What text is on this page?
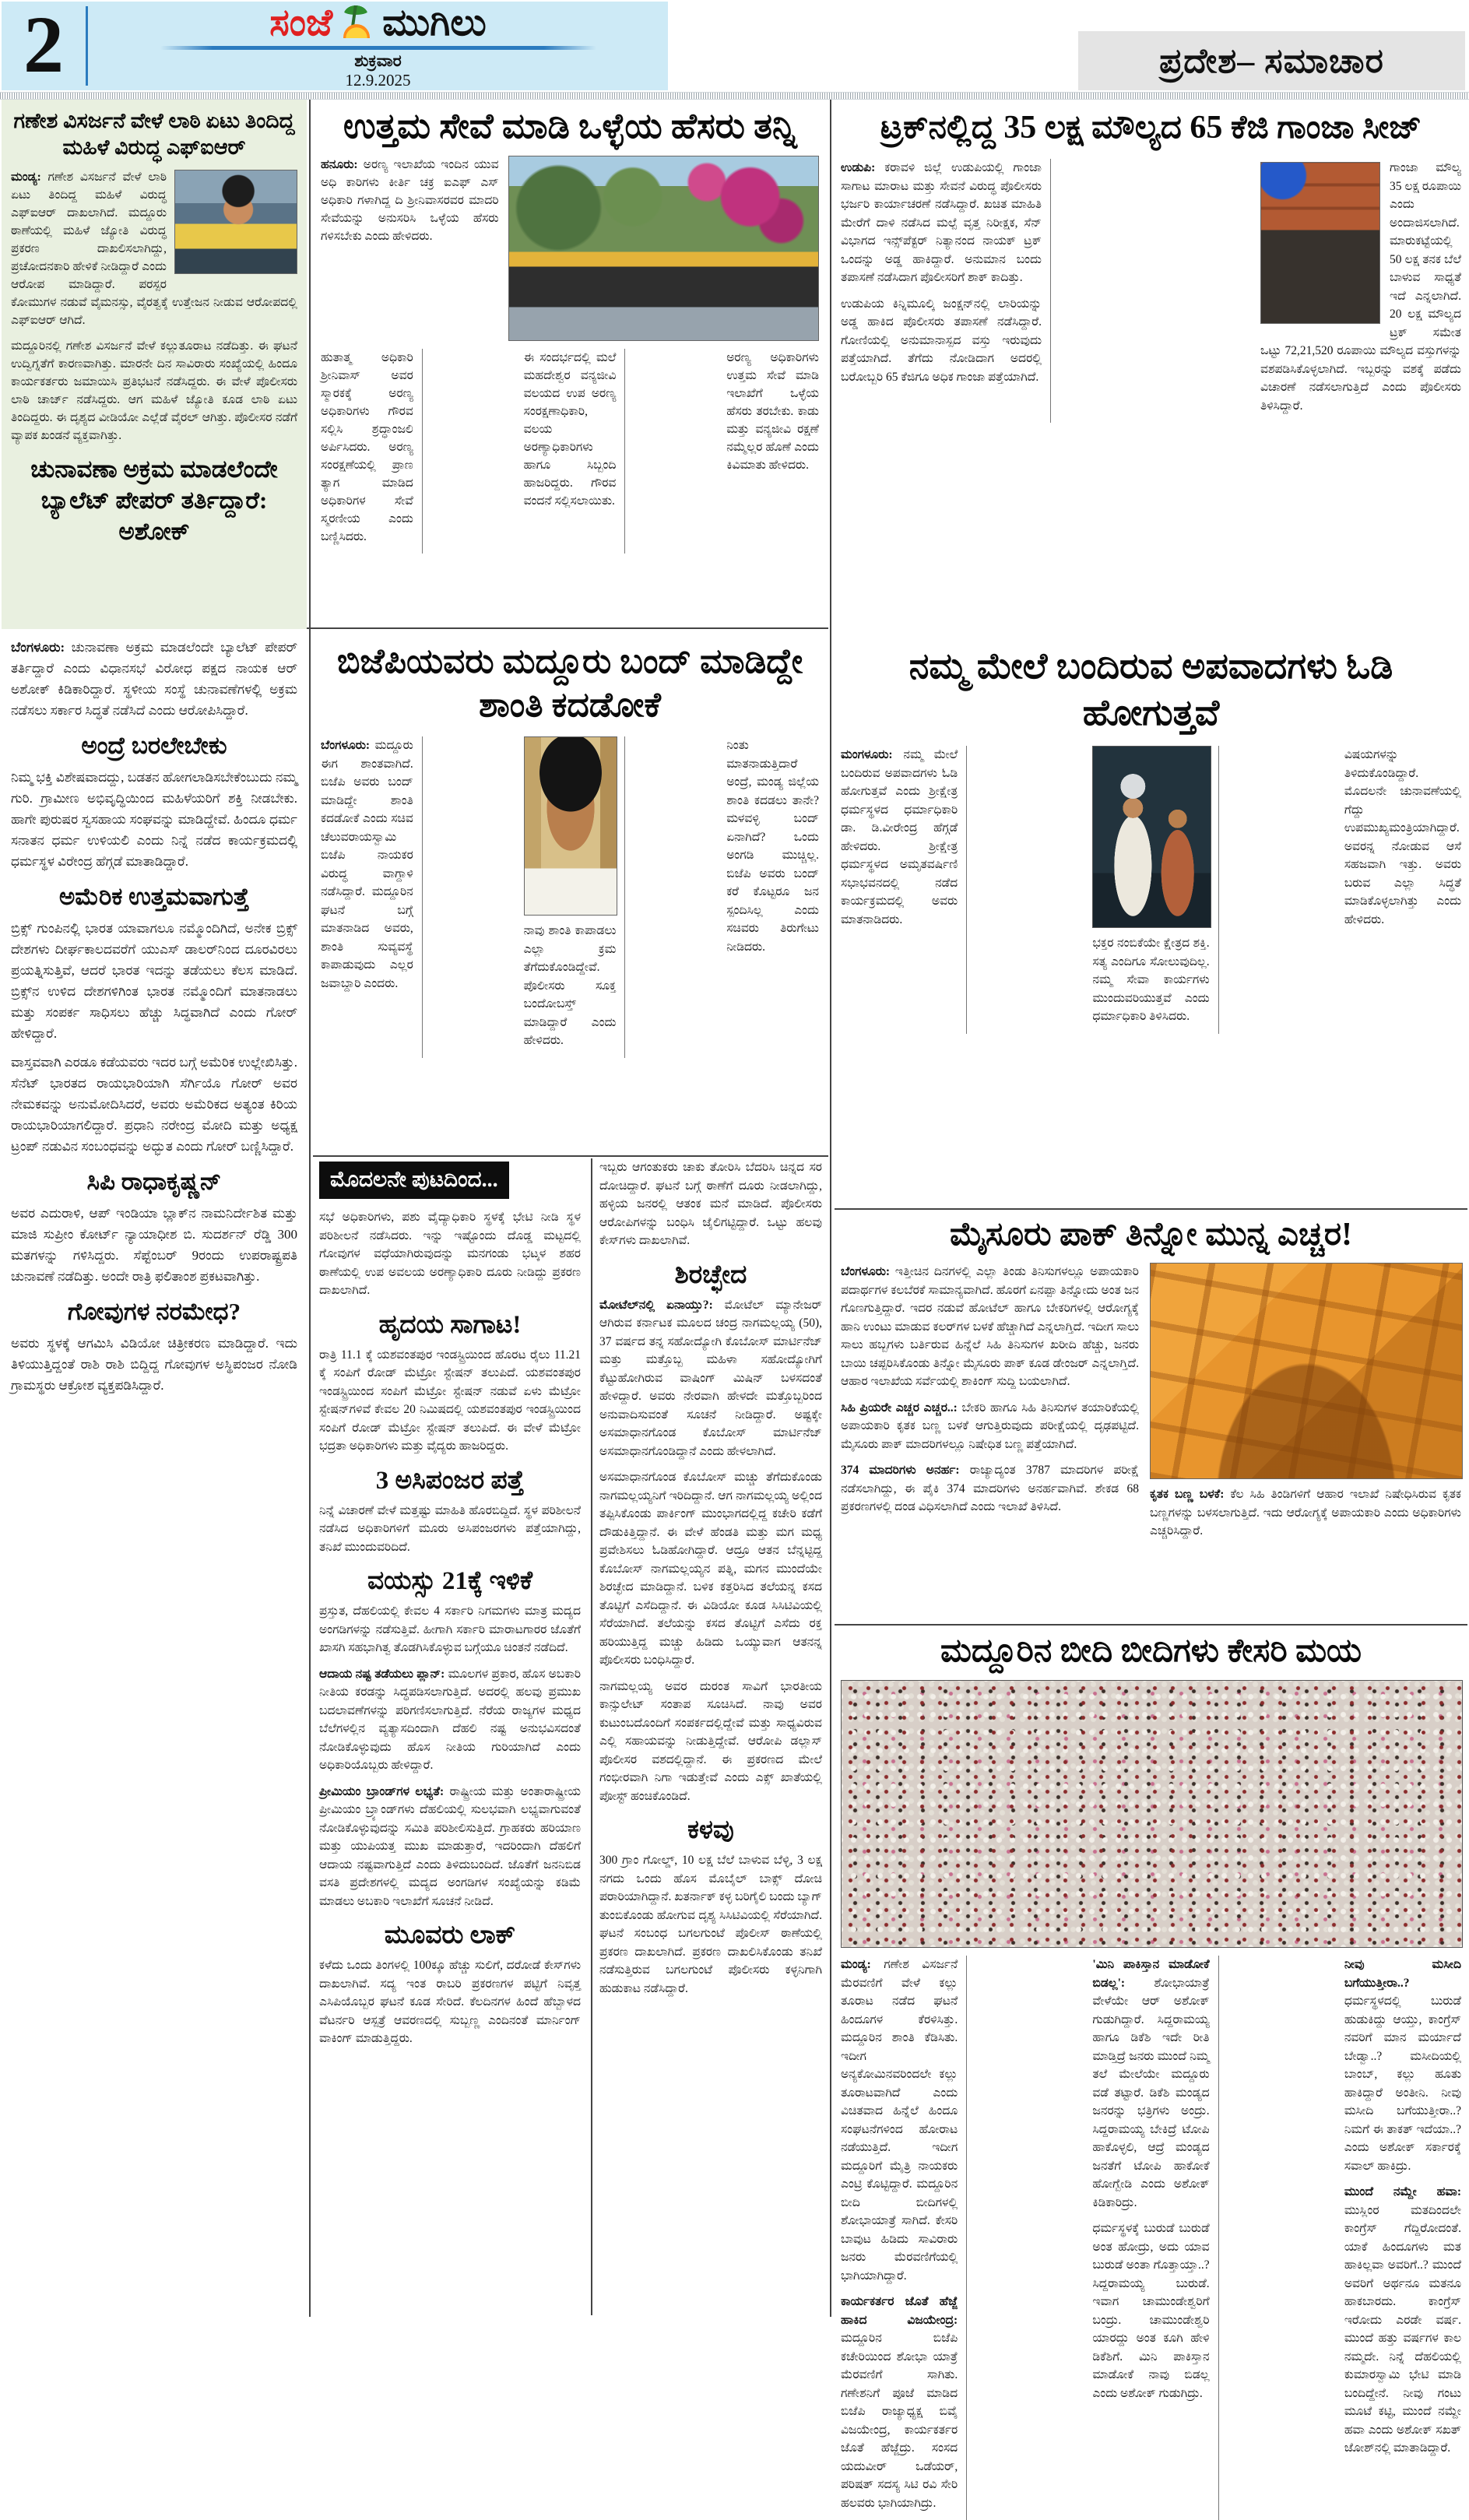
2	ಸಂಜೆ ಮುಗಿಲು
ಶುಕ್ರವಾರ
12.9.2025
ಪ್ರದೇಶ– ಸಮಾಚಾರ
ಗಣೇಶ ವಿಸರ್ಜನೆ ವೇಳೆ ಲಾಠಿ ಏಟು ತಿಂದಿದ್ದ ಮಹಿಳೆ ವಿರುದ್ಧ ಎಫ್‌ಐಆರ್

ಮಂಡ್ಯ: ಗಣೇಶ ವಿಸರ್ಜನೆ ವೇಳೆ ಲಾಠಿ ಏಟು ತಿಂದಿದ್ದ ಮಹಿಳೆ ವಿರುದ್ಧ ಎಫ್‌ಐಆರ್ ದಾಖಲಾಗಿದೆ. ಮದ್ದೂರು ಠಾಣೆಯಲ್ಲಿ ಮಹಿಳೆ ಜ್ಯೋತಿ ವಿರುದ್ಧ ಪ್ರಕರಣ ದಾಖಲಿಸಲಾಗಿದ್ದು, ಪ್ರಚೋದನಕಾರಿ ಹೇಳಿಕೆ ನೀಡಿದ್ದಾರೆ ಎಂದು ಆರೋಪ ಮಾಡಿದ್ದಾರೆ. ಪರಸ್ಪರ ಕೋಮುಗಳ ನಡುವೆ ವೈಮನಸ್ಸು, ವೈರತ್ವಕ್ಕೆ ಉತ್ತೇಜನ ನೀಡುವ ಆರೋಪದಲ್ಲಿ ಎಫ್‌ಐಆರ್ ಆಗಿದೆ.

ಮದ್ದೂರಿನಲ್ಲಿ ಗಣೇಶ ವಿಸರ್ಜನೆ ವೇಳೆ ಕಲ್ಲುತೂರಾಟ ನಡೆದಿತ್ತು. ಈ ಘಟನೆ ಉದ್ವಿಗ್ನತೆಗೆ ಕಾರಣವಾಗಿತ್ತು. ಮಾರನೇ ದಿನ ಸಾವಿರಾರು ಸಂಖ್ಯೆಯಲ್ಲಿ ಹಿಂದೂ ಕಾರ್ಯಕರ್ತರು ಜಮಾಯಿಸಿ ಪ್ರತಿಭಟನೆ ನಡೆಸಿದ್ದರು. ಈ ವೇಳೆ ಪೊಲೀಸರು ಲಾಠಿ ಚಾರ್ಜ್ ನಡೆಸಿದ್ದರು. ಆಗ ಮಹಿಳೆ ಜ್ಯೋತಿ ಕೂಡ ಲಾಠಿ ಏಟು ತಿಂದಿದ್ದರು. ಈ ದೃಶ್ಯದ ವೀಡಿಯೋ ಎಲ್ಲೆಡೆ ವೈರಲ್ ಆಗಿತ್ತು. ಪೊಲೀಸರ ನಡೆಗೆ ವ್ಯಾಪಕ ಖಂಡನೆ ವ್ಯಕ್ತವಾಗಿತ್ತು.

ಚುನಾವಣಾ ಅಕ್ರಮ ಮಾಡಲೆಂದೇ ಬ್ಯಾಲೆಟ್ ಪೇಪರ್ ತರ್ತಿದ್ದಾರೆ: ಅಶೋಕ್

ಬೆಂಗಳೂರು: ಚುನಾವಣಾ ಅಕ್ರಮ ಮಾಡಲೆಂದೇ ಬ್ಯಾಲೆಟ್ ಪೇಪರ್ ತರ್ತಿದ್ದಾರೆ ಎಂದು ವಿಧಾನಸಭೆ ವಿರೋಧ ಪಕ್ಷದ ನಾಯಕ ಆರ್ ಅಶೋಕ್ ಕಿಡಿಕಾರಿದ್ದಾರೆ. ಸ್ಥಳೀಯ ಸಂಸ್ಥೆ ಚುನಾವಣೆಗಳಲ್ಲಿ ಅಕ್ರಮ ನಡೆಸಲು ಸರ್ಕಾರ ಸಿದ್ಧತೆ ನಡೆಸಿದೆ ಎಂದು ಆರೋಪಿಸಿದ್ದಾರೆ.

ಅಂದ್ರೆ ಬರಲೇಬೇಕು

ನಿಮ್ಮ ಭಕ್ತಿ ವಿಶೇಷವಾದದ್ದು, ಬಡತನ ಹೋಗಲಾಡಿಸಬೇಕೆಂಬುದು ನಮ್ಮ ಗುರಿ. ಗ್ರಾಮೀಣ ಅಭಿವೃದ್ಧಿಯಿಂದ ಮಹಿಳೆಯರಿಗೆ ಶಕ್ತಿ ನೀಡಬೇಕು. ಹಾಗೇ ಪುರುಷರ ಸ್ವಸಹಾಯ ಸಂಘವನ್ನು ಮಾಡಿದ್ದೇವೆ. ಹಿಂದೂ ಧರ್ಮ ಸನಾತನ ಧರ್ಮ ಉಳಿಯಲಿ ಎಂದು ನಿನ್ನೆ ನಡೆದ ಕಾರ್ಯಕ್ರಮದಲ್ಲಿ ಧರ್ಮಸ್ಥಳ ವಿರೇಂದ್ರ ಹೆಗ್ಗಡೆ ಮಾತಾಡಿದ್ದಾರೆ.

ಅಮೆರಿಕ ಉತ್ತಮವಾಗುತ್ತೆ

ಬ್ರಿಕ್ಸ್ ಗುಂಪಿನಲ್ಲಿ ಭಾರತ ಯಾವಾಗಲೂ ನಮ್ಮೊಂದಿಗಿದೆ, ಅನೇಕ ಬ್ರಿಕ್ಸ್ ದೇಶಗಳು ದೀರ್ಘಕಾಲದವರೆಗೆ ಯುಎಸ್ ಡಾಲರ್‌ನಿಂದ ದೂರವಿರಲು ಪ್ರಯತ್ನಿಸುತ್ತಿವೆ, ಆದರೆ ಭಾರತ ಇದನ್ನು ತಡೆಯಲು ಕೆಲಸ ಮಾಡಿದೆ. ಬ್ರಿಕ್ಸ್‌ನ ಉಳಿದ ದೇಶಗಳಿಗಿಂತ ಭಾರತ ನಮ್ಮೊಂದಿಗೆ ಮಾತನಾಡಲು ಮತ್ತು ಸಂಪರ್ಕ ಸಾಧಿಸಲು ಹೆಚ್ಚು ಸಿದ್ಧವಾಗಿದೆ ಎಂದು ಗೋರ್ ಹೇಳಿದ್ದಾರೆ.

ವಾಸ್ತವವಾಗಿ ಎರಡೂ ಕಡೆಯವರು ಇದರ ಬಗ್ಗೆ ಅಮೆರಿಕ ಉಲ್ಲೇಖಿಸಿತ್ತು. ಸೆನೆಟ್ ಭಾರತದ ರಾಯಭಾರಿಯಾಗಿ ಸೆರ್ಗಿಯೊ ಗೋರ್ ಅವರ ನೇಮಕವನ್ನು ಅನುಮೋದಿಸಿದರೆ, ಅವರು ಅಮೆರಿಕದ ಅತ್ಯಂತ ಕಿರಿಯ ರಾಯಭಾರಿಯಾಗಲಿದ್ದಾರೆ. ಪ್ರಧಾನಿ ನರೇಂದ್ರ ಮೋದಿ ಮತ್ತು ಅಧ್ಯಕ್ಷ ಟ್ರಂಪ್ ನಡುವಿನ ಸಂಬಂಧವನ್ನು ಅದ್ಭುತ ಎಂದು ಗೋರ್ ಬಣ್ಣಿಸಿದ್ದಾರೆ.

ಸಿಪಿ ರಾಧಾಕೃಷ್ಣನ್

ಅವರ ಎದುರಾಳಿ, ಆಪ್ ಇಂಡಿಯಾ ಬ್ಲಾಕ್‌ನ ನಾಮನಿರ್ದೇಶಿತ ಮತ್ತು ಮಾಜಿ ಸುಪ್ರೀಂ ಕೋರ್ಟ್ ನ್ಯಾಯಾಧೀಶ ಬಿ. ಸುದರ್ಶನ್ ರೆಡ್ಡಿ 300 ಮತಗಳನ್ನು ಗಳಿಸಿದ್ದರು. ಸೆಪ್ಟೆಂಬರ್ 9ರಂದು ಉಪರಾಷ್ಟ್ರಪತಿ ಚುನಾವಣೆ ನಡೆದಿತ್ತು. ಅಂದೇ ರಾತ್ರಿ ಫಲಿತಾಂಶ ಪ್ರಕಟವಾಗಿತ್ತು.

ಗೋವುಗಳ ನರಮೇಧ?

ಅವರು ಸ್ಥಳಕ್ಕೆ ಆಗಮಿಸಿ ವಿಡಿಯೋ ಚಿತ್ರೀಕರಣ ಮಾಡಿದ್ದಾರೆ. ಇದು ತಿಳಿಯುತ್ತಿದ್ದಂತೆ ರಾಶಿ ರಾಶಿ ಬಿದ್ದಿದ್ದ ಗೋವುಗಳ ಅಸ್ಥಿಪಂಜರ ನೋಡಿ ಗ್ರಾಮಸ್ಥರು ಆಕ್ರೋಶ ವ್ಯಕ್ತಪಡಿಸಿದ್ದಾರೆ.

ಉತ್ತಮ ಸೇವೆ ಮಾಡಿ ಒಳ್ಳೆಯ ಹೆಸರು ತನ್ನಿ
ಹನೂರು: ಅರಣ್ಯ ಇಲಾಖೆಯ ಇಂದಿನ ಯುವ ಅಧಿ ಕಾರಿಗಳು ಕೀರ್ತಿ ಚಕ್ರ ಐಎಫ್ ಎಸ್ ಅಧಿಕಾರಿ ಗಳಾಗಿದ್ದ ದಿ ಶ್ರೀನಿವಾಸರವರ ಮಾದರಿ ಸೇವೆಯನ್ನು ಅನುಸರಿಸಿ ಒಳ್ಳೆಯ ಹೆಸರು ಗಳಿಸಬೇಕು ಎಂದು ಹೇಳಿದರು.

ಹುತಾತ್ಮ ಅಧಿಕಾರಿ ಶ್ರೀನಿವಾಸ್ ಅವರ ಸ್ಮಾರಕಕ್ಕೆ ಅರಣ್ಯ ಅಧಿಕಾರಿಗಳು ಗೌರವ ಸಲ್ಲಿಸಿ ಶ್ರದ್ಧಾಂಜಲಿ ಅರ್ಪಿಸಿದರು. ಅರಣ್ಯ ಸಂರಕ್ಷಣೆಯಲ್ಲಿ ಪ್ರಾಣ ತ್ಯಾಗ ಮಾಡಿದ ಅಧಿಕಾರಿಗಳ ಸೇವೆ ಸ್ಮರಣೀಯ ಎಂದು ಬಣ್ಣಿಸಿದರು.

ಈ ಸಂದರ್ಭದಲ್ಲಿ ಮಲೆ ಮಹದೇಶ್ವರ ವನ್ಯಜೀವಿ ವಲಯದ ಉಪ ಅರಣ್ಯ ಸಂರಕ್ಷಣಾಧಿಕಾರಿ, ವಲಯ ಅರಣ್ಯಾಧಿಕಾರಿಗಳು ಹಾಗೂ ಸಿಬ್ಬಂದಿ ಹಾಜರಿದ್ದರು. ಗೌರವ ವಂದನೆ ಸಲ್ಲಿಸಲಾಯಿತು.

ಅರಣ್ಯ ಅಧಿಕಾರಿಗಳು ಉತ್ತಮ ಸೇವೆ ಮಾಡಿ ಇಲಾಖೆಗೆ ಒಳ್ಳೆಯ ಹೆಸರು ತರಬೇಕು. ಕಾಡು ಮತ್ತು ವನ್ಯಜೀವಿ ರಕ್ಷಣೆ ನಮ್ಮೆಲ್ಲರ ಹೊಣೆ ಎಂದು ಕಿವಿಮಾತು ಹೇಳಿದರು.

ಟ್ರಕ್‌ನಲ್ಲಿದ್ದ 35 ಲಕ್ಷ ಮೌಲ್ಯದ 65 ಕೆಜಿ ಗಾಂಜಾ ಸೀಜ್

ಉಡುಪಿ: ಕರಾವಳಿ ಜಿಲ್ಲೆ ಉಡುಪಿಯಲ್ಲಿ ಗಾಂಜಾ ಸಾಗಾಟ ಮಾರಾಟ ಮತ್ತು ಸೇವನೆ ವಿರುದ್ಧ ಪೊಲೀಸರು ಭರ್ಜರಿ ಕಾರ್ಯಾಚರಣೆ ನಡೆಸಿದ್ದಾರೆ. ಖಚಿತ ಮಾಹಿತಿ ಮೇರೆಗೆ ದಾಳಿ ನಡೆಸಿದ ಮಲ್ಪೆ ವೃತ್ತ ನಿರೀಕ್ಷಕ, ಸೆನ್ ವಿಭಾಗದ ಇನ್ಸ್‌ಪೆಕ್ಟರ್ ನಿತ್ಯಾನಂದ ನಾಯಕ್ ಟ್ರಕ್ ಒಂದನ್ನು ಅಡ್ಡ ಹಾಕಿದ್ದಾರೆ. ಅನುಮಾನ ಬಂದು ತಪಾಸಣೆ ನಡೆಸಿದಾಗ ಪೊಲೀಸರಿಗೆ ಶಾಕ್ ಕಾದಿತ್ತು.

ಉಡುಪಿಯ ಕಿನ್ನಿಮೂಲ್ಕಿ ಜಂಕ್ಷನ್‌ನಲ್ಲಿ ಲಾರಿಯನ್ನು ಅಡ್ಡ ಹಾಕಿದ ಪೊಲೀಸರು ತಪಾಸಣೆ ನಡೆಸಿದ್ದಾರೆ. ಗೋಣಿಯಲ್ಲಿ ಅನುಮಾನಾಸ್ಪದ ವಸ್ತು ಇರುವುದು ಪತ್ತೆಯಾಗಿದೆ. ತೆಗೆದು ನೋಡಿದಾಗ ಅದರಲ್ಲಿ ಬರೋಬ್ಬರಿ 65 ಕೆಜಿಗೂ ಅಧಿಕ ಗಾಂಜಾ ಪತ್ತೆಯಾಗಿದೆ.

ಗಾಂಜಾ ಮೌಲ್ಯ 35 ಲಕ್ಷ ರೂಪಾಯಿ ಎಂದು ಅಂದಾಜಿಸಲಾಗಿದೆ. ಮಾರುಕಟ್ಟೆಯಲ್ಲಿ 50 ಲಕ್ಷ ತನಕ ಬೆಲೆ ಬಾಳುವ ಸಾಧ್ಯತೆ ಇದೆ ಎನ್ನಲಾಗಿದೆ. 20 ಲಕ್ಷ ಮೌಲ್ಯದ ಟ್ರಕ್ ಸಮೇತ ಒಟ್ಟು 72,21,520 ರೂಪಾಯಿ ಮೌಲ್ಯದ ವಸ್ತುಗಳನ್ನು ವಶಪಡಿಸಿಕೊಳ್ಳಲಾಗಿದೆ. ಇಬ್ಬರನ್ನು ವಶಕ್ಕೆ ಪಡೆದು ವಿಚಾರಣೆ ನಡೆಸಲಾಗುತ್ತಿದೆ ಎಂದು ಪೊಲೀಸರು ತಿಳಿಸಿದ್ದಾರೆ.

ಬಿಜೆಪಿಯವರು ಮದ್ದೂರು ಬಂದ್ ಮಾಡಿದ್ದೇ ಶಾಂತಿ ಕದಡೋಕೆ

ಬೆಂಗಳೂರು: ಮದ್ದೂರು ಈಗ ಶಾಂತವಾಗಿದೆ. ಬಿಜೆಪಿ ಅವರು ಬಂದ್ ಮಾಡಿದ್ದೇ ಶಾಂತಿ ಕದಡೋಕೆ ಎಂದು ಸಚಿವ ಚೆಲುವರಾಯಸ್ವಾಮಿ ಬಿಜೆಪಿ ನಾಯಕರ ವಿರುದ್ಧ ವಾಗ್ದಾಳಿ ನಡೆಸಿದ್ದಾರೆ. ಮದ್ದೂರಿನ ಘಟನೆ ಬಗ್ಗೆ ಮಾತನಾಡಿದ ಅವರು, ಶಾಂತಿ ಸುವ್ಯವಸ್ಥೆ ಕಾಪಾಡುವುದು ಎಲ್ಲರ ಜವಾಬ್ದಾರಿ ಎಂದರು.

ನಾವು ಶಾಂತಿ ಕಾಪಾಡಲು ಎಲ್ಲಾ ಕ್ರಮ ತೆಗೆದುಕೊಂಡಿದ್ದೇವೆ. ಪೊಲೀಸರು ಸೂಕ್ತ ಬಂದೋಬಸ್ತ್ ಮಾಡಿದ್ದಾರೆ ಎಂದು ಹೇಳಿದರು.

ನಿಂತು ಮಾತನಾಡುತ್ತಿದಾರೆ ಅಂದ್ರೆ, ಮಂಡ್ಯ ಜಿಲ್ಲೆಯ ಶಾಂತಿ ಕದಡಲು ತಾನೇ? ಮಳವಳ್ಳಿ ಬಂದ್ ಏನಾಗಿದೆ? ಒಂದು ಅಂಗಡಿ ಮುಚ್ಚಿಲ್ಲ. ಬಿಜೆಪಿ ಅವರು ಬಂದ್ ಕರೆ ಕೊಟ್ಟರೂ ಜನ ಸ್ಪಂದಿಸಿಲ್ಲ ಎಂದು ಸಚಿವರು ತಿರುಗೇಟು ನೀಡಿದರು.

ನಮ್ಮ ಮೇಲೆ ಬಂದಿರುವ ಅಪವಾದಗಳು ಓಡಿ ಹೋಗುತ್ತವೆ

ಮಂಗಳೂರು: ನಮ್ಮ ಮೇಲೆ ಬಂದಿರುವ ಅಪವಾದಗಳು ಓಡಿ ಹೋಗುತ್ತವೆ ಎಂದು ಶ್ರೀಕ್ಷೇತ್ರ ಧರ್ಮಸ್ಥಳದ ಧರ್ಮಾಧಿಕಾರಿ ಡಾ. ಡಿ.ವೀರೇಂದ್ರ ಹೆಗ್ಗಡೆ ಹೇಳಿದರು. ಶ್ರೀಕ್ಷೇತ್ರ ಧರ್ಮಸ್ಥಳದ ಅಮೃತವರ್ಷಿಣಿ ಸಭಾಭವನದಲ್ಲಿ ನಡೆದ ಕಾರ್ಯಕ್ರಮದಲ್ಲಿ ಅವರು ಮಾತನಾಡಿದರು.

ಭಕ್ತರ ನಂಬಿಕೆಯೇ ಕ್ಷೇತ್ರದ ಶಕ್ತಿ. ಸತ್ಯ ಎಂದಿಗೂ ಸೋಲುವುದಿಲ್ಲ. ನಮ್ಮ ಸೇವಾ ಕಾರ್ಯಗಳು ಮುಂದುವರಿಯುತ್ತವೆ ಎಂದು ಧರ್ಮಾಧಿಕಾರಿ ತಿಳಿಸಿದರು.

ವಿಷಯಗಳನ್ನು ತಿಳಿದುಕೊಂಡಿದ್ದಾರೆ. ಮೊದಲನೇ ಚುನಾವಣೆಯಲ್ಲಿ ಗೆದ್ದು ಉಪಮುಖ್ಯಮಂತ್ರಿಯಾಗಿದ್ದಾರೆ. ಅವರನ್ನ ನೋಡುವ ಆಸೆ ಸಹಜವಾಗಿ ಇತ್ತು. ಅವರು ಬರುವ ಎಲ್ಲಾ ಸಿದ್ಧತೆ ಮಾಡಿಕೊಳ್ಳಲಾಗಿತ್ತು ಎಂದು ಹೇಳಿದರು.

ಮೊದಲನೇ ಪುಟದಿಂದ...

ಸಭೆ ಅಧಿಕಾರಿಗಳು, ಪಶು ವೈದ್ಯಾಧಿಕಾರಿ ಸ್ಥಳಕ್ಕೆ ಭೇಟಿ ನೀಡಿ ಸ್ಥಳ ಪರಿಶೀಲನೆ ನಡೆಸಿದರು. ಇನ್ನು ಇಷ್ಟೊಂದು ದೊಡ್ಡ ಮಟ್ಟದಲ್ಲಿ ಗೋವುಗಳ ವಧೆಯಾಗಿರುವುದನ್ನು ಮನಗಂಡು ಭಟ್ಕಳ ಶಹರ ಠಾಣೆಯಲ್ಲಿ ಉಪ ಅವಲಯ ಅರಣ್ಯಾಧಿಕಾರಿ ದೂರು ನೀಡಿದ್ದು ಪ್ರಕರಣ ದಾಖಲಾಗಿದೆ.

ಹೃದಯ ಸಾಗಾಟ!

ರಾತ್ರಿ 11.1 ಕ್ಕೆ ಯಶವಂತಪುರ ಇಂಡಸ್ಟ್ರಿಯಿಂದ ಹೊರಟ ರೈಲು 11.21 ಕ್ಕೆ ಸಂಪಿಗೆ ರೋಡ್ ಮೆಟ್ರೋ ಸ್ಟೇಷನ್ ತಲುಪಿದೆ. ಯಶವಂತಪುರ ಇಂಡಸ್ಟ್ರಿಯಿಂದ ಸಂಪಿಗೆ ಮೆಟ್ರೋ ಸ್ಟೇಷನ್ ನಡುವೆ ಏಳು ಮೆಟ್ರೋ ಸ್ಟೇಷನ್‌ಗಳಿವೆ ಕೇವಲ 20 ನಿಮಿಷದಲ್ಲಿ ಯಶವಂತಪುರ ಇಂಡಸ್ಟ್ರಿಯಿಂದ ಸಂಪಿಗೆ ರೋಡ್ ಮೆಟ್ರೋ ಸ್ಟೇಷನ್ ತಲುಪಿದೆ. ಈ ವೇಳೆ ಮೆಟ್ರೋ ಭದ್ರತಾ ಅಧಿಕಾರಿಗಳು ಮತ್ತು ವೈದ್ಯರು ಹಾಜರಿದ್ದರು.

3 ಅಸಿಪಂಜರ ಪತ್ತೆ

ನಿನ್ನೆ ವಿಚಾರಣೆ ವೇಳೆ ಮತ್ತಷ್ಟು ಮಾಹಿತಿ ಹೊರಬಿದ್ದಿದೆ. ಸ್ಥಳ ಪರಿಶೀಲನೆ ನಡೆಸಿದ ಅಧಿಕಾರಿಗಳಿಗೆ ಮೂರು ಅಸಿಪಂಜರಗಳು ಪತ್ತೆಯಾಗಿದ್ದು, ತನಿಖೆ ಮುಂದುವರಿದಿದೆ.

ವಯಸ್ಸು 21ಕ್ಕೆ ಇಳಿಕೆ

ಪ್ರಸ್ತುತ, ದೆಹಲಿಯಲ್ಲಿ ಕೇವಲ 4 ಸರ್ಕಾರಿ ನಿಗಮಗಳು ಮಾತ್ರ ಮದ್ಯದ ಅಂಗಡಿಗಳನ್ನು ನಡೆಸುತ್ತಿವೆ. ಹೀಗಾಗಿ ಸರ್ಕಾರಿ ಮಾರಾಟಗಾರರ ಜೊತೆಗೆ ಖಾಸಗಿ ಸಹಭಾಗಿತ್ವ ತೊಡಗಿಸಿಕೊಳ್ಳುವ ಬಗ್ಗೆಯೂ ಚಿಂತನೆ ನಡೆದಿದೆ.

ಆದಾಯ ನಷ್ಟ ತಡೆಯಲು ಪ್ಲಾನ್: ಮೂಲಗಳ ಪ್ರಕಾರ, ಹೊಸ ಅಬಕಾರಿ ನೀತಿಯ ಕರಡನ್ನು ಸಿದ್ಧಪಡಿಸಲಾಗುತ್ತಿದೆ. ಅದರಲ್ಲಿ ಹಲವು ಪ್ರಮುಖ ಬದಲಾವಣೆಗಳನ್ನು ಪರಿಗಣಿಸಲಾಗುತ್ತಿದೆ. ನೆರೆಯ ರಾಜ್ಯಗಳ ಮಧ್ಯದ ಬೆಲೆಗಳಲ್ಲಿನ ವ್ಯತ್ಯಾಸದಿಂದಾಗಿ ದೆಹಲಿ ನಷ್ಟ ಅನುಭವಿಸದಂತೆ ನೋಡಿಕೊಳ್ಳುವುದು ಹೊಸ ನೀತಿಯ ಗುರಿಯಾಗಿದೆ ಎಂದು ಅಧಿಕಾರಿಯೊಬ್ಬರು ಹೇಳಿದ್ದಾರೆ.

ಪ್ರೀಮಿಯಂ ಬ್ರಾಂಡ್‌ಗಳ ಲಭ್ಯತೆ: ರಾಷ್ಟ್ರೀಯ ಮತ್ತು ಅಂತಾರಾಷ್ಟ್ರೀಯ ಪ್ರೀಮಿಯಂ ಬ್ರ್ಯಾಂಡ್‌ಗಳು ದೆಹಲಿಯಲ್ಲಿ ಸುಲಭವಾಗಿ ಲಭ್ಯವಾಗುವಂತೆ ನೋಡಿಕೊಳ್ಳುವುದನ್ನು ಸಮಿತಿ ಪರಿಶೀಲಿಸುತ್ತಿದೆ. ಗ್ರಾಹಕರು ಹರಿಯಾಣ ಮತ್ತು ಯುಪಿಯತ್ತ ಮುಖ ಮಾಡುತ್ತಾರೆ, ಇದರಿಂದಾಗಿ ದೆಹಲಿಗೆ ಆದಾಯ ನಷ್ಟವಾಗುತ್ತಿದೆ ಎಂದು ತಿಳಿದುಬಂದಿದೆ. ಜೊತೆಗೆ ಜನನಿಬಿಡ ವಸತಿ ಪ್ರದೇಶಗಳಲ್ಲಿ ಮದ್ಯದ ಅಂಗಡಿಗಳ ಸಂಖ್ಯೆಯನ್ನು ಕಡಿಮೆ ಮಾಡಲು ಅಬಕಾರಿ ಇಲಾಖೆಗೆ ಸೂಚನೆ ನೀಡಿದೆ.

ಮೂವರು ಲಾಕ್

ಕಳೆದು ಒಂದು ತಿಂಗಳಲ್ಲಿ 100ಕ್ಕೂ ಹೆಚ್ಚು ಸುಲಿಗೆ, ದರೋಡೆ ಕೇಸ್‌ಗಳು ದಾಖಲಾಗಿವೆ. ಸದ್ಯ ಇಂತ ರಾಬರಿ ಪ್ರಕರಣಗಳ ಪಟ್ಟಿಗೆ ನಿವೃತ್ತ ಎಸಿಪಿಯೊಬ್ಬರ ಘಟನೆ ಕೂಡ ಸೇರಿದೆ. ಕೆಲದಿನಗಳ ಹಿಂದೆ ಹೆಬ್ಬಾಳದ ವೆಟರ್ನರಿ ಆಸ್ಪತ್ರೆ ಆವರಣದಲ್ಲಿ ಸುಬ್ಬಣ್ಣ ಎಂದಿನಂತೆ ಮಾರ್ನಿಂಗ್ ವಾಕಿಂಗ್ ಮಾಡುತ್ತಿದ್ದರು.

ಇಬ್ಬರು ಆಗಂತುಕರು ಚಾಕು ತೋರಿಸಿ ಬೆದರಿಸಿ ಚಿನ್ನದ ಸರ ದೋಚಿದ್ದಾರೆ. ಘಟನೆ ಬಗ್ಗೆ ಠಾಣೆಗೆ ದೂರು ನೀಡಲಾಗಿದ್ದು, ಹಳ್ಳಿಯ ಜನರಲ್ಲಿ ಆತಂಕ ಮನೆ ಮಾಡಿದೆ. ಪೊಲೀಸರು ಆರೋಪಿಗಳನ್ನು ಬಂಧಿಸಿ ಜೈಲಿಗಟ್ಟಿದ್ದಾರೆ. ಒಟ್ಟು ಹಲವು ಕೇಸ್‌ಗಳು ದಾಖಲಾಗಿವೆ.

ಶಿರಚ್ಛೇದ

ಮೋಟೆಲ್‌ನಲ್ಲಿ ಏನಾಯ್ತು?: ಮೋಟೆಲ್ ಮ್ಯಾನೇಜರ್ ಆಗಿರುವ ಕರ್ನಾಟಕ ಮೂಲದ ಚಂದ್ರ ನಾಗಮಲ್ಲಯ್ಯ (50), 37 ವರ್ಷದ ತನ್ನ ಸಹೋದ್ಯೋಗಿ ಕೊಬೋಸ್ ಮಾರ್ಟಿನೆಜ್ ಮತ್ತು ಮತ್ತೊಬ್ಬ ಮಹಿಳಾ ಸಹೋದ್ಯೋಗಿಗೆ ಕೆಟ್ಟುಹೋಗಿರುವ ವಾಷಿಂಗ್ ಮಿಷಿನ್ ಬಳಸದಂತೆ ಹೇಳಿದ್ದಾರೆ. ಅವರು ನೇರವಾಗಿ ಹೇಳದೇ ಮತ್ತೊಬ್ಬರಿಂದ ಅನುವಾದಿಸುವಂತೆ ಸೂಚನೆ ನೀಡಿದ್ದಾರೆ. ಅಷ್ಟಕ್ಕೇ ಅಸಮಾಧಾನಗೊಂಡ ಕೊಬೋಸ್ ಮಾರ್ಟಿನೆಜ್ ಅಸಮಾಧಾನಗೊಂಡಿದ್ದಾನೆ ಎಂದು ಹೇಳಲಾಗಿದೆ.

ಅಸಮಾಧಾನಗೊಂಡ ಕೊಬೋಸ್ ಮಚ್ಚು ತೆಗೆದುಕೊಂಡು ನಾಗಮಲ್ಲಯ್ಯನಿಗೆ ಇರಿದಿದ್ದಾನೆ. ಆಗ ನಾಗಮಲ್ಲಯ್ಯ ಅಲ್ಲಿಂದ ತಪ್ಪಿಸಿಕೊಂಡು ಪಾರ್ಕಿಂಗ್ ಮುಂಭಾಗದಲ್ಲಿದ್ದ ಕಚೇರಿ ಕಡೆಗೆ ದೌಡುಕಿತ್ತಿದ್ದಾನೆ. ಈ ವೇಳೆ ಹೆಂಡತಿ ಮತ್ತು ಮಗ ಮಧ್ಯ ಪ್ರವೇಶಿಸಲು ಓಡಿಹೋಗಿದ್ದಾರೆ. ಆದ್ರೂ ಆತನ ಬೆನ್ನಟ್ಟಿದ್ದ ಕೊಬೋಸ್ ನಾಗಮಲ್ಲಯ್ಯನ ಪತ್ನಿ, ಮಗನ ಮುಂದೆಯೇ ಶಿರಚ್ಛೇದ ಮಾಡಿದ್ದಾನೆ. ಬಳಿಕ ಕತ್ತರಿಸಿದ ತಲೆಯನ್ನ ಕಸದ ತೊಟ್ಟಿಗೆ ಎಸೆದಿದ್ದಾನೆ. ಈ ವಿಡಿಯೋ ಕೂಡ ಸಿಸಿಟಿವಿಯಲ್ಲಿ ಸೆರೆಯಾಗಿದೆ. ತಲೆಯನ್ನು ಕಸದ ತೊಟ್ಟಿಗೆ ಎಸೆದು ರಕ್ತ ಹರಿಯುತ್ತಿದ್ದ ಮಚ್ಚು ಹಿಡಿದು ಒಯ್ಯುವಾಗ ಆತನನ್ನ ಪೊಲೀಸರು ಬಂಧಿಸಿದ್ದಾರೆ.

ನಾಗಮಲ್ಲಯ್ಯ ಅವರ ದುರಂತ ಸಾವಿಗೆ ಭಾರತೀಯ ಕಾನ್ಸುಲೇಟ್ ಸಂತಾಪ ಸೂಚಿಸಿದೆ. ನಾವು ಅವರ ಕುಟುಂಬದೊಂದಿಗೆ ಸಂಪರ್ಕದಲ್ಲಿದ್ದೇವೆ ಮತ್ತು ಸಾಧ್ಯವಿರುವ ಎಲ್ಲಿ ಸಹಾಯವನ್ನು ನೀಡುತ್ತಿದ್ದೇವೆ. ಆರೋಪಿ ಡಲ್ಲಾಸ್ ಪೊಲೀಸರ ವಶದಲ್ಲಿದ್ದಾನೆ. ಈ ಪ್ರಕರಣದ ಮೇಲೆ ಗಂಭೀರವಾಗಿ ನಿಗಾ ಇಡುತ್ತೇವೆ ಎಂದು ಎಕ್ಸ್ ಖಾತೆಯಲ್ಲಿ ಪೋಸ್ಟ್ ಹಂಚಿಕೊಂಡಿದೆ.

ಕಳವು

300 ಗ್ರಾಂ ಗೋಲ್ಡ್, 10 ಲಕ್ಷ ಬೆಲೆ ಬಾಳುವ ಬೆಳ್ಳಿ, 3 ಲಕ್ಷ ನಗದು ಒಂದು ಹೊಸ ಮೊಬೈಲ್ ಬಾಕ್ಸ್ ದೋಚಿ ಪರಾರಿಯಾಗಿದ್ದಾನೆ. ಖತರ್ನಾಕ್ ಕಳ್ಳ ಬರಿಗೈಲಿ ಬಂದು ಬ್ಯಾಗ್ ತುಂಬಿಕೊಂಡು ಹೋಗುವ ದೃಶ್ಯ ಸಿಸಿಟಿವಿಯಲ್ಲಿ ಸೆರೆಯಾಗಿದೆ. ಘಟನೆ ಸಂಬಂಧ ಬಗಲಗುಂಟೆ ಪೊಲೀಸ್ ಠಾಣೆಯಲ್ಲಿ ಪ್ರಕರಣ ದಾಖಲಾಗಿದೆ. ಪ್ರಕರಣ ದಾಖಲಿಸಿಕೊಂಡು ತನಿಖೆ ನಡೆಸುತ್ತಿರುವ ಬಗಲಗುಂಟೆ ಪೊಲೀಸರು ಕಳ್ಳನಿಗಾಗಿ ಹುಡುಕಾಟ ನಡೆಸಿದ್ದಾರೆ.

ಮೈಸೂರು ಪಾಕ್ ತಿನ್ನೋ ಮುನ್ನ ಎಚ್ಚರ!

ಬೆಂಗಳೂರು: ಇತ್ತೀಚಿನ ದಿನಗಳಲ್ಲಿ ಎಲ್ಲಾ ತಿಂಡು ತಿನಿಸುಗಳಲ್ಲೂ ಅಪಾಯಕಾರಿ ಪದಾರ್ಥಗಳ ಕಲಬೆರಕೆ ಸಾಮಾನ್ಯವಾಗಿದೆ. ಹೊರಗೆ ಏನಪ್ಪಾ ತಿನ್ನೋದು ಅಂತ ಜನ ಗೊಣಗುತ್ತಿದ್ದಾರೆ. ಇದರ ನಡುವೆ ಹೋಟೆಲ್ ಹಾಗೂ ಬೇಕರಿಗಳಲ್ಲಿ ಆರೋಗ್ಯಕ್ಕೆ ಹಾನಿ ಉಂಟು ಮಾಡುವ ಕಲರ್‌ಗಳ ಬಳಕೆ ಹೆಚ್ಚಾಗಿದೆ ಎನ್ನಲಾಗ್ತಿದೆ. ಇದೀಗ ಸಾಲು ಸಾಲು ಹಬ್ಬಗಳು ಬರ್ತಿರುವ ಹಿನ್ನೆಲೆ ಸಿಹಿ ತಿನಿಸುಗಳ ಖರೀದಿ ಹೆಚ್ಚು, ಜನರು ಬಾಯಿ ಚಪ್ಪರಿಸಿಕೊಂಡು ತಿನ್ನೋ ಮೈಸೂರು ಪಾಕ್ ಕೂಡ ಡೇಂಜರ್ ಎನ್ನಲಾಗ್ತಿದೆ. ಆಹಾರ ಇಲಾಖೆಯ ಸರ್ವೆಯಲ್ಲಿ ಶಾಕಿಂಗ್ ಸುದ್ದಿ ಬಯಲಾಗಿದೆ.

ಸಿಹಿ ಪ್ರಿಯರೇ ಎಚ್ಚರ ಎಚ್ಚರ..: ಬೇಕರಿ ಹಾಗೂ ಸಿಹಿ ತಿನಿಸುಗಳ ತಯಾರಿಕೆಯಲ್ಲಿ ಅಪಾಯಕಾರಿ ಕೃತಕ ಬಣ್ಣ ಬಳಕೆ ಆಗುತ್ತಿರುವುದು ಪರೀಕ್ಷೆಯಲ್ಲಿ ದೃಢಪಟ್ಟಿದೆ. ಮೈಸೂರು ಪಾಕ್ ಮಾದರಿಗಳಲ್ಲೂ ನಿಷೇಧಿತ ಬಣ್ಣ ಪತ್ತೆಯಾಗಿದೆ.

374 ಮಾದರಿಗಳು ಅನರ್ಹ: ರಾಜ್ಯಾದ್ಯಂತ 3787 ಮಾದರಿಗಳ ಪರೀಕ್ಷೆ ನಡೆಸಲಾಗಿದ್ದು, ಈ ಪೈಕಿ 374 ಮಾದರಿಗಳು ಅನರ್ಹವಾಗಿವೆ. ಶೇಕಡ 68 ಪ್ರಕರಣಗಳಲ್ಲಿ ದಂಡ ವಿಧಿಸಲಾಗಿದೆ ಎಂದು ಇಲಾಖೆ ತಿಳಿಸಿದೆ.

ಕೃತಕ ಬಣ್ಣ ಬಳಕೆ: ಕೆಲ ಸಿಹಿ ತಿಂಡಿಗಳಿಗೆ ಆಹಾರ ಇಲಾಖೆ ನಿಷೇಧಿಸಿರುವ ಕೃತಕ ಬಣ್ಣಗಳನ್ನು ಬಳಸಲಾಗುತ್ತಿದೆ. ಇದು ಆರೋಗ್ಯಕ್ಕೆ ಅಪಾಯಕಾರಿ ಎಂದು ಅಧಿಕಾರಿಗಳು ಎಚ್ಚರಿಸಿದ್ದಾರೆ.

ಮದ್ದೂರಿನ ಬೀದಿ ಬೀದಿಗಳು ಕೇಸರಿ ಮಯ

ಮಂಡ್ಯ: ಗಣೇಶ ವಿಸರ್ಜನೆ ಮೆರವಣಿಗೆ ವೇಳೆ ಕಲ್ಲು ತೂರಾಟ ನಡೆದ ಘಟನೆ ಹಿಂದೂಗಳ ಕೆರಳಿಸಿತ್ತು. ಮದ್ದೂರಿನ ಶಾಂತಿ ಕೆಡಿಸಿತು. ಇದೀಗ ಅನ್ಯಕೋಮಿನವರಿಂದಲೇ ಕಲ್ಲು ತೂರಾಟವಾಗಿದೆ ಎಂದು ವಿಚಿತವಾದ ಹಿನ್ನೆಲೆ ಹಿಂದೂ ಸಂಘಟನೆಗಳಿಂದ ಹೋರಾಟ ನಡೆಯುತ್ತಿದೆ. ಇದೀಗ ಮದ್ದೂರಿಗೆ ಮೈತ್ರಿ ನಾಯಕರು ಎಂಟ್ರಿ ಕೊಟ್ಟಿದ್ದಾರೆ. ಮದ್ದೂರಿನ ಬೀದಿ ಬೀದಿಗಳಲ್ಲಿ ಶೋಭಾಯಾತ್ರೆ ಸಾಗಿದೆ. ಕೇಸರಿ ಬಾವುಟ ಹಿಡಿದು ಸಾವಿರಾರು ಜನರು ಮೆರವಣಿಗೆಯಲ್ಲಿ ಭಾಗಿಯಾಗಿದ್ದಾರೆ.

ಕಾರ್ಯಕರ್ತರ ಜೊತೆ ಹೆಜ್ಜೆ ಹಾಕಿದ ವಿಜಯೇಂದ್ರ: ಮದ್ದೂರಿನ ಬಿಜೆಪಿ ಕಚೇರಿಯಿಂದ ಶೋಭಾ ಯಾತ್ರೆ ಮೆರವಣಿಗೆ ಸಾಗಿತು. ಗಣೇಶನಿಗೆ ಪೂಜೆ ಮಾಡಿದ ಬಿಜೆಪಿ ರಾಜ್ಯಾಧ್ಯಕ್ಷ ಬಿವೈ ವಿಜಯೇಂದ್ರ, ಕಾರ್ಯಕರ್ತರ ಜೊತೆ ಹೆಜ್ಜೆದ್ರು. ಸಂಸದ ಯದುವೀರ್ ಒಡೆಯರ್, ಪರಿಷತ್ ಸದಸ್ಯ ಸಿಟಿ ರವಿ ಸೇರಿ ಹಲವರು ಭಾಗಿಯಾಗಿದ್ರು.

'ಮಿನಿ ಪಾಕಿಸ್ತಾನ ಮಾಡೋಕೆ ಬಿಡಲ್ಲ': ಶೋಭಾಯಾತ್ರೆ ವೇಳೆಯೇ ಆರ್ ಅಶೋಕ್ ಗುಡುಗಿದ್ದಾರೆ. ಸಿದ್ದರಾಮಯ್ಯ ಹಾಗೂ ಡಿಕೆಶಿ ಇದೇ ರೀತಿ ಮಾಡ್ತಿದ್ರೆ ಜನರು ಮುಂದೆ ನಿಮ್ಮ ತಲೆ ಮೇಲೆಯೇ ಮದ್ದೂರು ವಡೆ ತಟ್ಟಾರೆ. ಡಿಕೆಶಿ ಮಂಡ್ಯದ ಜನರನ್ನು ಭತ್ರಿಗಳು ಅಂದ್ರು. ಸಿದ್ದರಾಮಯ್ಯ ಬೇಕಿದ್ರೆ ಟೋಪಿ ಹಾಕೊಳ್ಳಲಿ, ಆದ್ರೆ ಮಂಡ್ಯದ ಜನತೆಗೆ ಟೋಪಿ ಹಾಕೋಕೆ ಹೋಗ್ಬೇಡಿ ಎಂದು ಅಶೋಕ್ ಕಿಡಿಕಾರಿದ್ರು.

ಧರ್ಮಸ್ಥಳಕ್ಕೆ ಬುರುಡೆ ಬುರುಡೆ ಅಂತ ಹೋದ್ರು, ಅದು ಯಾವ ಬುರುಡೆ ಅಂತಾ ಗೊತ್ತಾಯ್ತಾ..? ಸಿದ್ದರಾಮಯ್ಯ ಬುರುಡೆ. ಇವಾಗ ಚಾಮುಂಡೇಶ್ವರಿಗೆ ಬಂದ್ರು. ಚಾಮುಂಡೇಶ್ವರಿ ಯಾರದ್ದು ಅಂತ ಕೂಗಿ ಹೇಳಿ ಡಿಕೆಶಿಗೆ. ಮಿನಿ ಪಾಕಿಸ್ತಾನ ಮಾಡೋಕೆ ನಾವು ಬಿಡಲ್ಲ ಎಂದು ಅಶೋಕ್ ಗುಡುಗಿದ್ರು.

ನೀವು ಮಸೀದಿ ಬಗೆಯುತ್ತೀರಾ..? ಧರ್ಮಸ್ಥಳದಲ್ಲಿ ಬುರುಡೆ ಹುಡುಕಿದ್ದು ಆಯ್ತು, ಕಾಂಗ್ರೆಸ್ ನವರಿಗೆ ಮಾನ ಮರ್ಯಾದೆ ಬೇಡ್ವಾ..? ಮಸೀದಿಯಲ್ಲಿ ಬಾಂಬ್, ಕಲ್ಲು ಹೂತು ಹಾಕಿದ್ದಾರೆ ಅಂತೀನಿ. ನೀವು ಮಸೀದಿ ಬಗೆಯುತ್ತೀರಾ..? ನಿಮಗೆ ಈ ತಾಕತ್ ಇದೆಯಾ..? ಎಂದು ಅಶೋಕ್ ಸರ್ಕಾರಕ್ಕೆ ಸವಾಲ್ ಹಾಕಿದ್ರು.

ಮುಂದೆ ನಮ್ದೇ ಹವಾ: ಮುಸ್ಲಿಂರ ಮತದಿಂದಲೇ ಕಾಂಗ್ರೆಸ್ ಗೆದ್ದಿರೋದಂತೆ. ಯಾಕೆ ಹಿಂದೂಗಳು ಮತ ಹಾಕಿಲ್ಲವಾ ಅವರಿಗೆ..? ಮುಂದೆ ಅವರಿಗೆ ಅರ್ಥನೂ ಮತನೂ ಹಾಕಬಾರದು. ಕಾಂಗ್ರೆಸ್ ಇರೋದು ಎರಡೇ ವರ್ಷ. ಮುಂದೆ ಹತ್ತು ವರ್ಷಗಳ ಕಾಲ ನಮ್ಮದೇ. ನಿನ್ನೆ ದೆಹಲಿಯಲ್ಲಿ ಕುಮಾರಸ್ವಾಮಿ ಭೇಟಿ ಮಾಡಿ ಬಂದಿದ್ದೇನೆ. ನೀವು ಗಂಟು ಮೂಟೆ ಕಟ್ಟಿ, ಮುಂದೆ ನಮ್ದೇ ಹವಾ ಎಂದು ಅಶೋಕ್ ಸಖತ್ ಜೋಶ್‌ನಲ್ಲಿ ಮಾತಾಡಿದ್ದಾರೆ.
